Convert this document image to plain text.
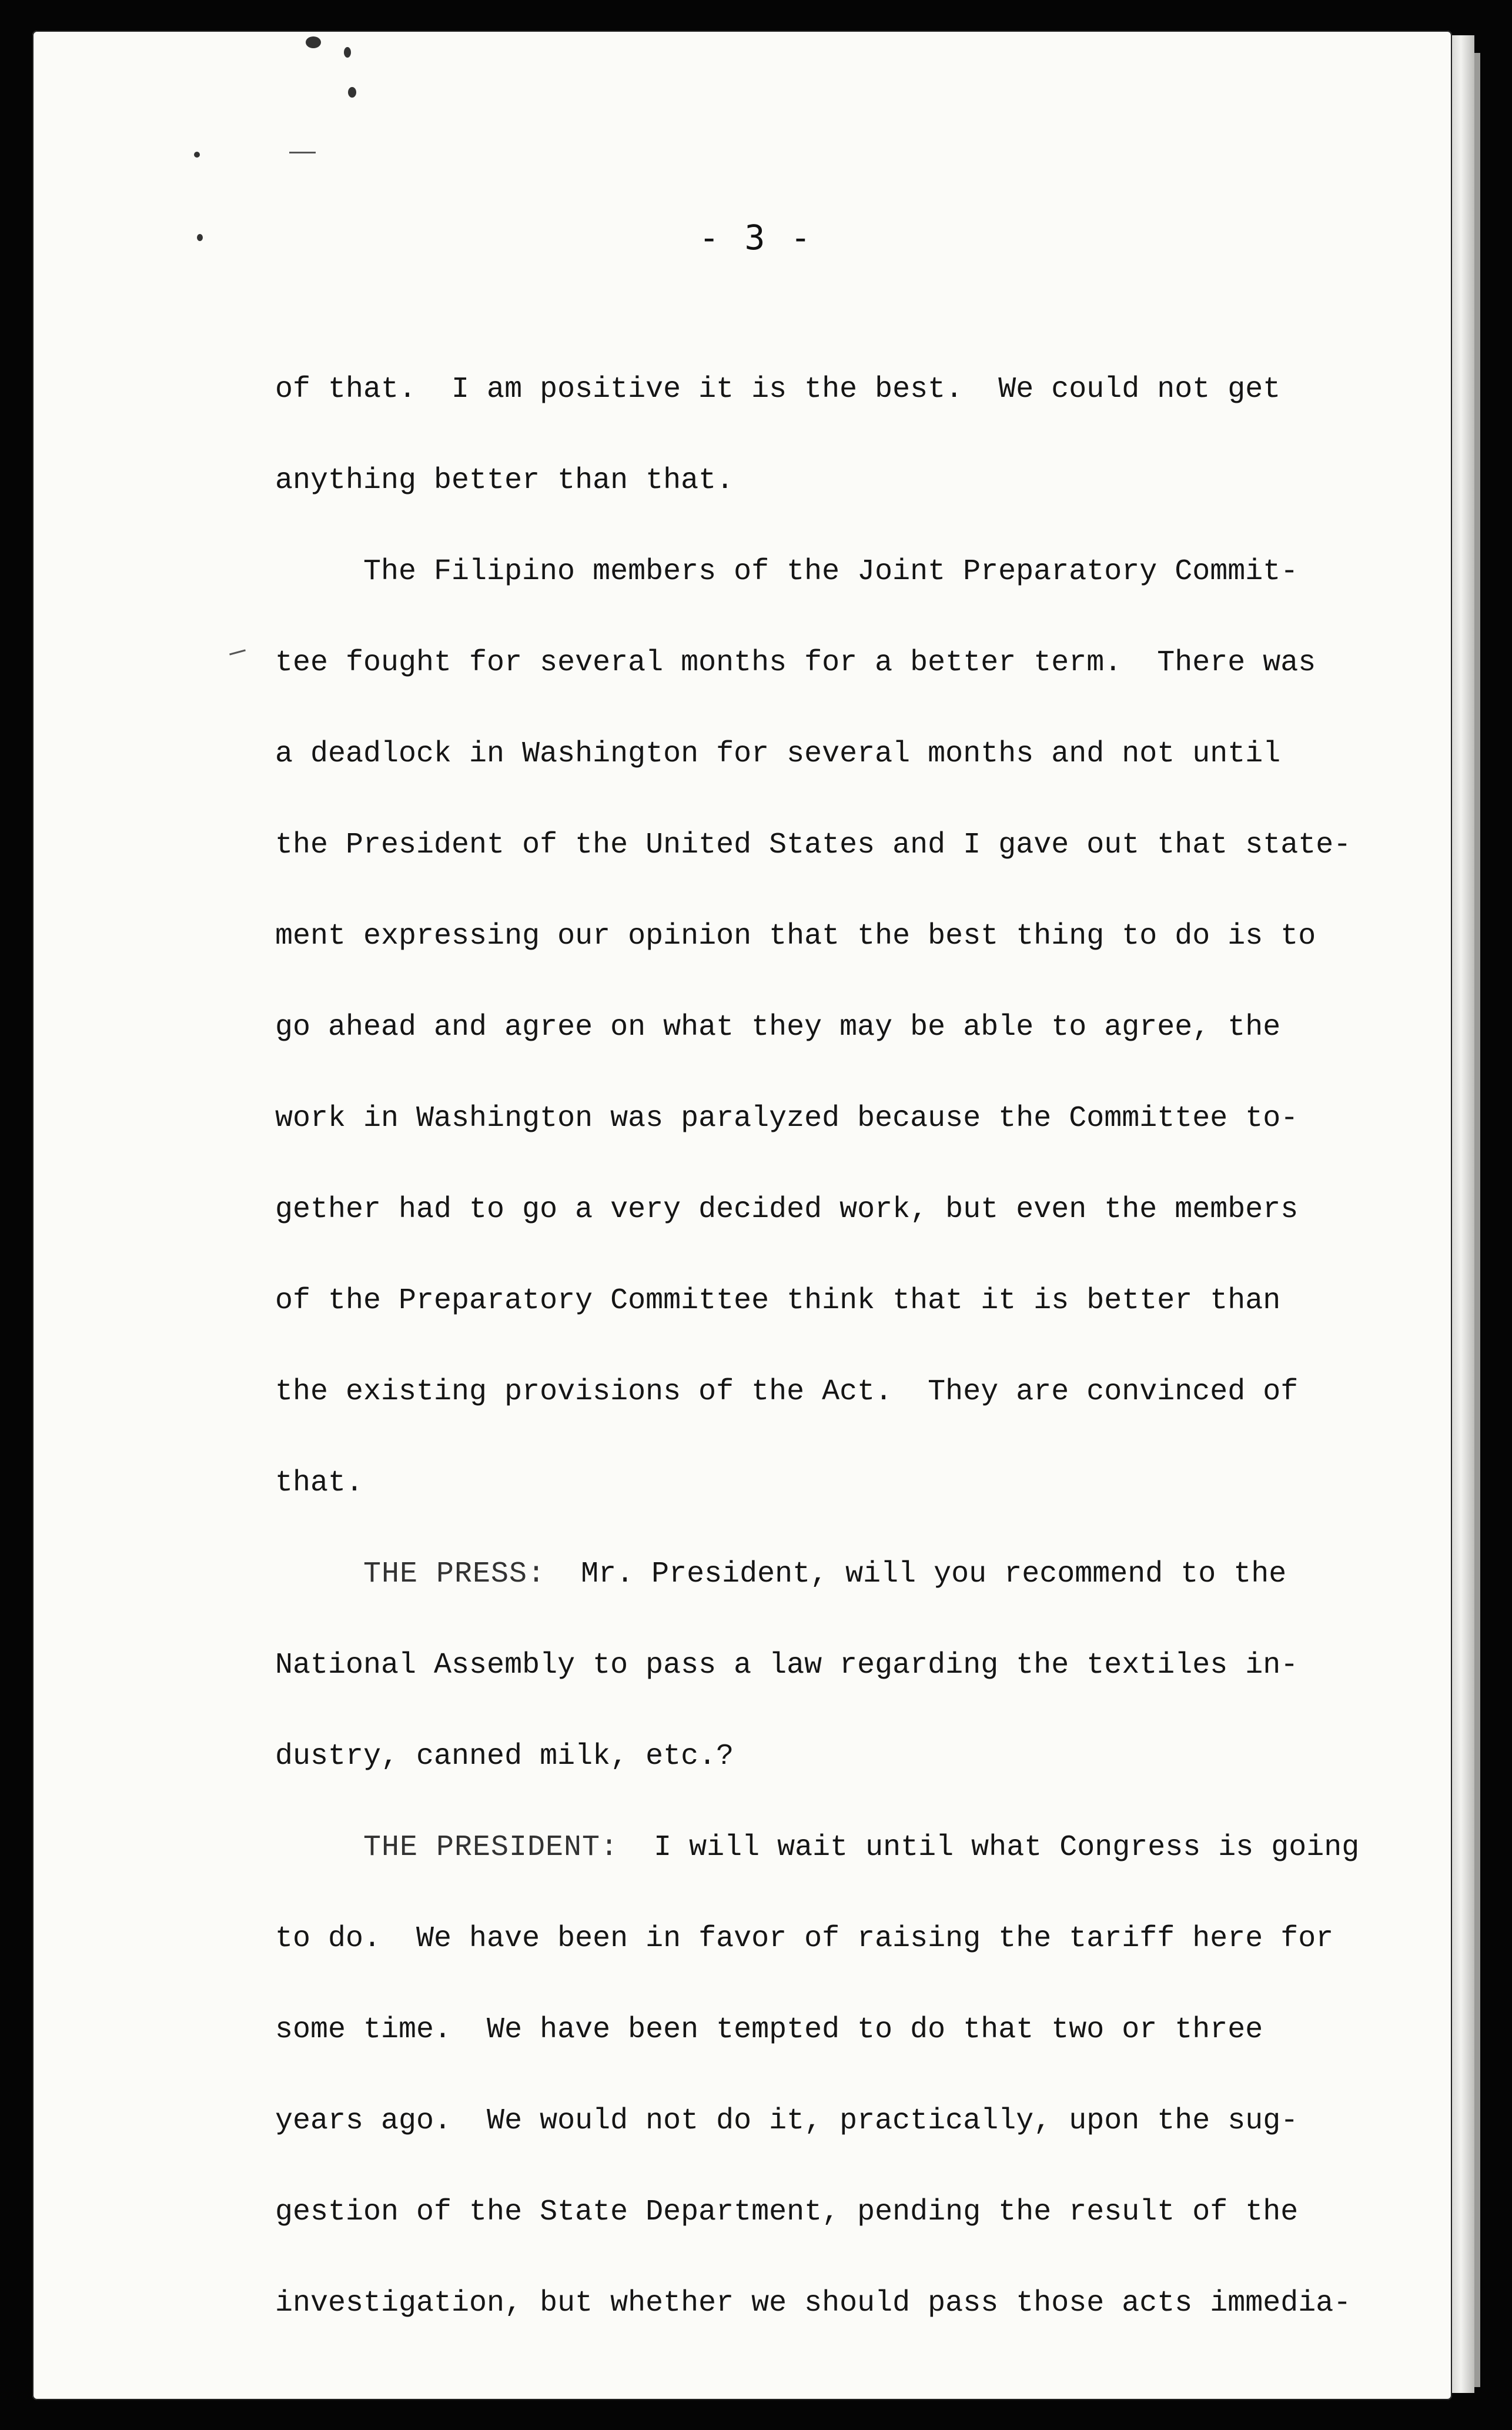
- 3 -
of that.  I am positive it is the best.  We could not get
anything better than that.
The Filipino members of the Joint Preparatory Commit-
tee fought for several months for a better term.  There was
a deadlock in Washington for several months and not until
the President of the United States and I gave out that state-
ment expressing our opinion that the best thing to do is to
go ahead and agree on what they may be able to agree, the
work in Washington was paralyzed because the Committee to-
gether had to go a very decided work, but even the members
of the Preparatory Committee think that it is better than
the existing provisions of the Act.  They are convinced of
that.
THE PRESS: Mr. President, will you recommend to the
National Assembly to pass a law regarding the textiles in-
dustry, canned milk, etc.?
THE PRESIDENT: I will wait until what Congress is going
to do.  We have been in favor of raising the tariff here for
some time.  We have been tempted to do that two or three
years ago.  We would not do it, practically, upon the sug-
gestion of the State Department, pending the result of the
investigation, but whether we should pass those acts immedia-
